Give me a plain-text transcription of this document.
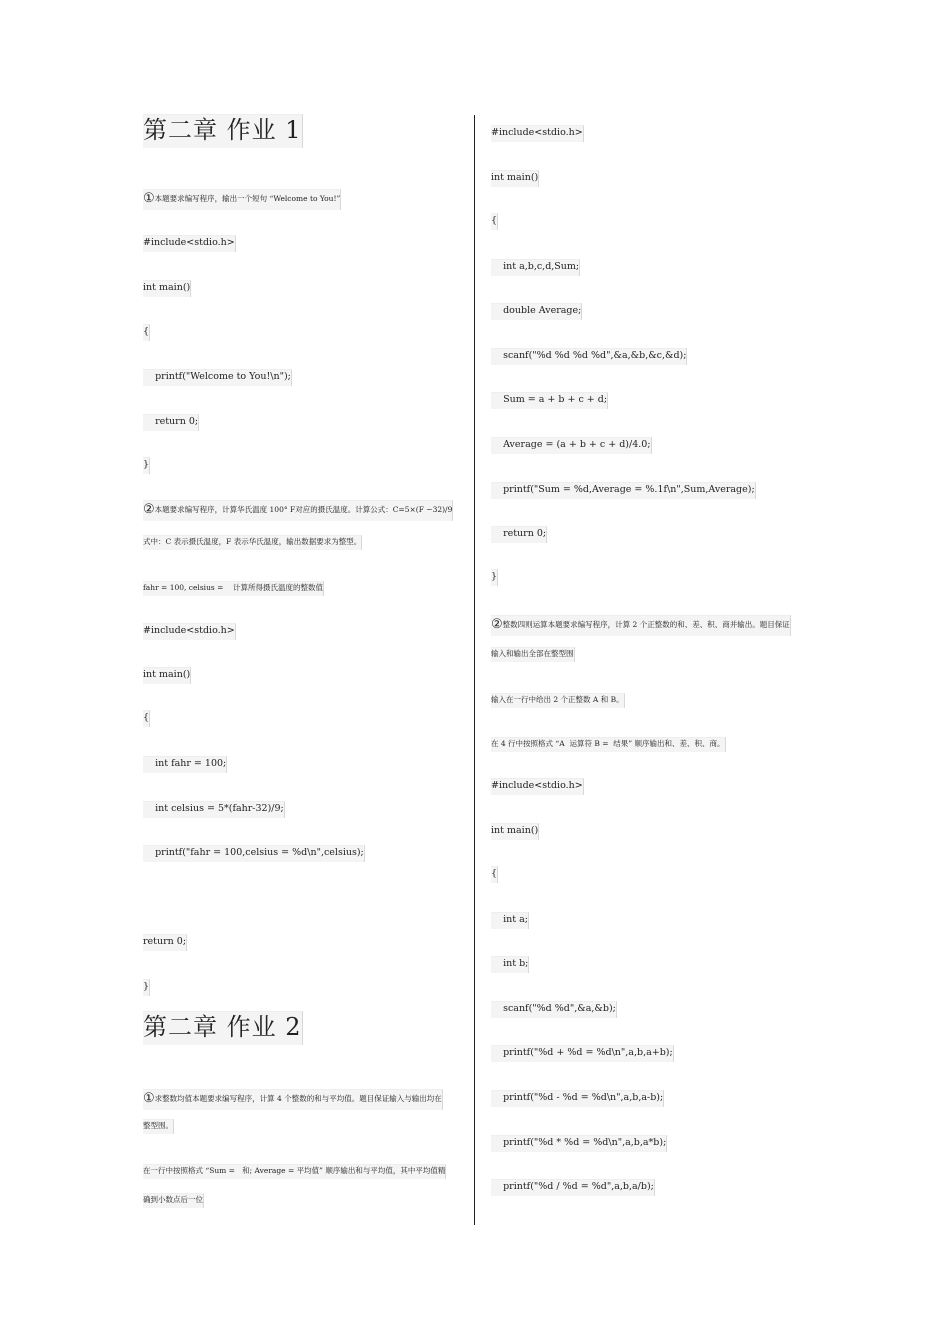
第二章 作业 1
①本题要求编写程序，输出一个短句 “Welcome to You!”
#include<stdio.h>
int main()
{
printf("Welcome to You!\n");
return 0;
}
②本题要求编写程序，计算华氏温度 100° F对应的摄氏温度。计算公式：C=5×(F −32)/9
式中：C 表示摄氏温度，F 表示华氏温度，输出数据要求为整型。
fahr = 100, celsius =    计算所得摄氏温度的整数值
#include<stdio.h>
int main()
{
int fahr = 100;
int celsius = 5*(fahr-32)/9;
printf("fahr = 100,celsius = %d\n",celsius);
return 0;
}
第二章 作业 2
①求整数均值本题要求编写程序，计算 4 个整数的和与平均值。题目保证输入与输出均在
整型围。
在一行中按照格式 “Sum =   和; Average = 平均值” 顺序输出和与平均值，其中平均值精
确到小数点后一位
#include<stdio.h>
int main()
{
int a,b,c,d,Sum;
double Average;
scanf("%d %d %d %d",&a,&b,&c,&d);
Sum = a + b + c + d;
Average = (a + b + c + d)/4.0;
printf("Sum = %d,Average = %.1f\n",Sum,Average);
return 0;
}
②整数四则运算本题要求编写程序，计算 2 个正整数的和、差、积、商并输出。题目保证
输入和输出全部在整型围
输入在一行中给出 2 个正整数 A 和 B。
在 4 行中按照格式 “A  运算符 B =  结果” 顺序输出和、差、积、商。
#include<stdio.h>
int main()
{
int a;
int b;
scanf("%d %d",&a,&b);
printf("%d + %d = %d\n",a,b,a+b);
printf("%d - %d = %d\n",a,b,a-b);
printf("%d * %d = %d\n",a,b,a*b);
printf("%d / %d = %d",a,b,a/b);
